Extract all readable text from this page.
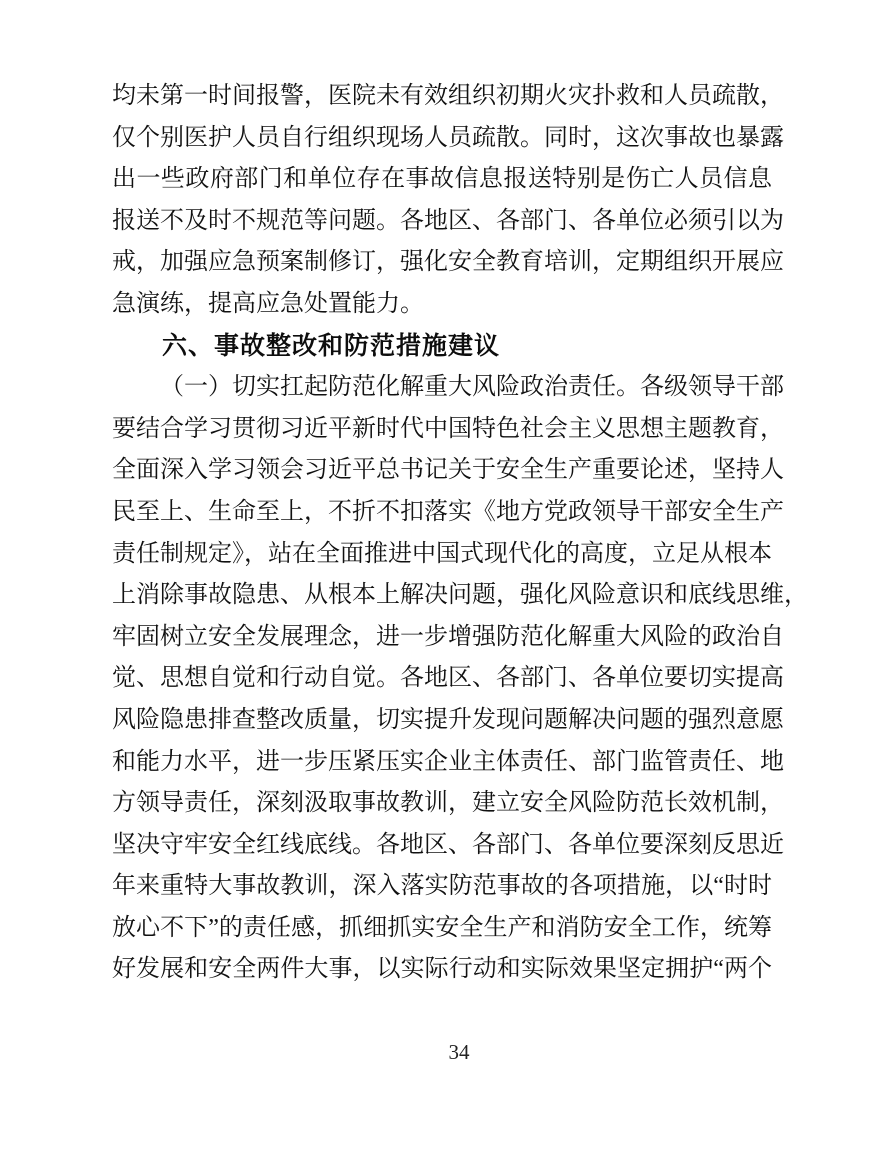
均未第一时间报警，医院未有效组织初期火灾扑救和人员疏散，
仅个别医护人员自行组织现场人员疏散。同时，这次事故也暴露
出一些政府部门和单位存在事故信息报送特别是伤亡人员信息
报送不及时不规范等问题。各地区、各部门、各单位必须引以为
戒，加强应急预案制修订，强化安全教育培训，定期组织开展应
急演练，提高应急处置能力。
六、事故整改和防范措施建议
（一）切实扛起防范化解重大风险政治责任。各级领导干部
要结合学习贯彻习近平新时代中国特色社会主义思想主题教育，
全面深入学习领会习近平总书记关于安全生产重要论述，坚持人
民至上、生命至上，不折不扣落实《地方党政领导干部安全生产
责任制规定》，站在全面推进中国式现代化的高度，立足从根本
上消除事故隐患、从根本上解决问题，强化风险意识和底线思维，
牢固树立安全发展理念，进一步增强防范化解重大风险的政治自
觉、思想自觉和行动自觉。各地区、各部门、各单位要切实提高
风险隐患排查整改质量，切实提升发现问题解决问题的强烈意愿
和能力水平，进一步压紧压实企业主体责任、部门监管责任、地
方领导责任，深刻汲取事故教训，建立安全风险防范长效机制，
坚决守牢安全红线底线。各地区、各部门、各单位要深刻反思近
年来重特大事故教训，深入落实防范事故的各项措施，以“时时
放心不下”的责任感，抓细抓实安全生产和消防安全工作，统筹
好发展和安全两件大事，以实际行动和实际效果坚定拥护“两个
34
